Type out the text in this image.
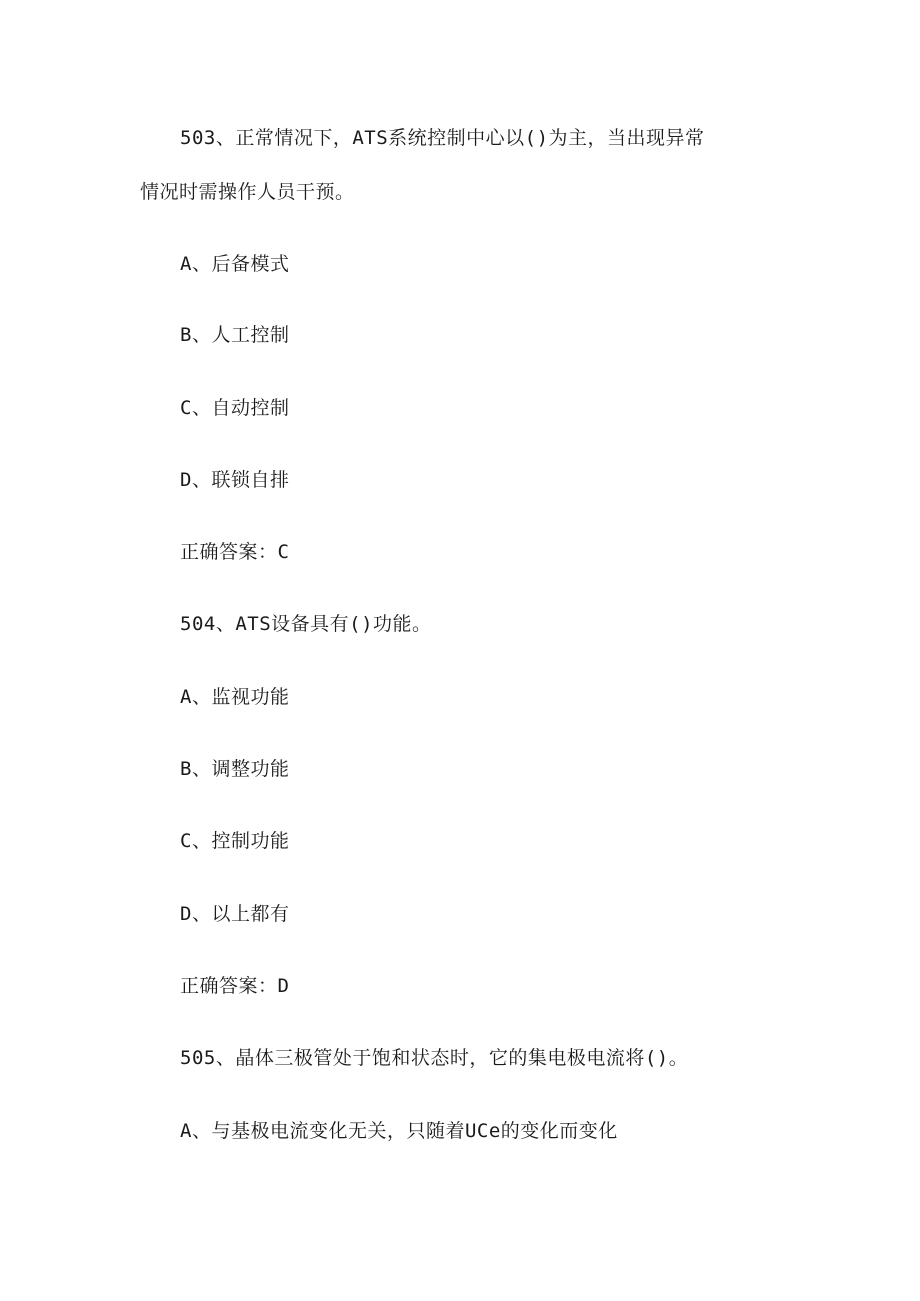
503、正常情况下，ATS系统控制中心以()为主，当出现异常
情况时需操作人员干预。
A、后备模式
B、人工控制
C、自动控制
D、联锁自排
正确答案：C
504、ATS设备具有()功能。
A、监视功能
B、调整功能
C、控制功能
D、以上都有
正确答案：D
505、晶体三极管处于饱和状态时，它的集电极电流将()。
A、与基极电流变化无关，只随着UCe的变化而变化
